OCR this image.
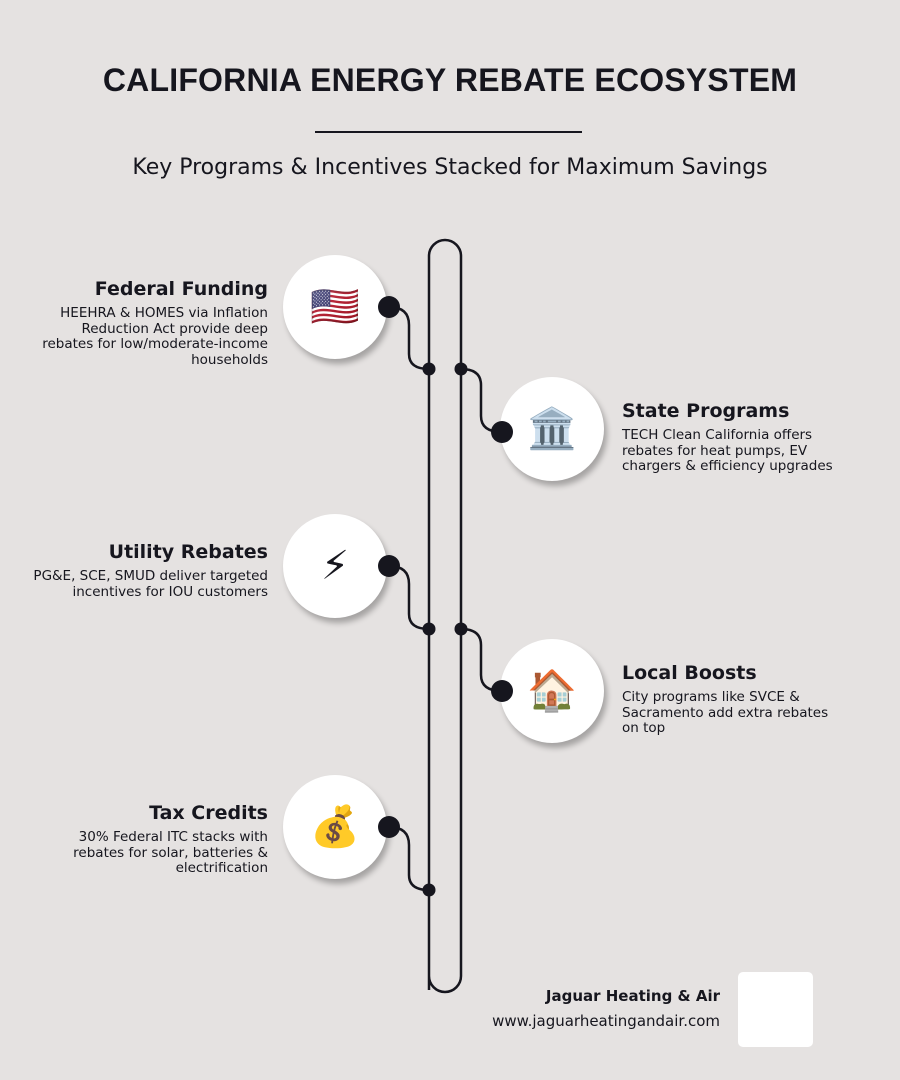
CALIFORNIA ENERGY REBATE ECOSYSTEM
Key Programs & Incentives Stacked for Maximum Savings
🇺🇸
Federal Funding

HEEHRA & HOMES via Inflation Reduction Act provide deep rebates for low/moderate-income households

🏛️ State Programs

TECH Clean California offers rebates for heat pumps, EV chargers & efficiency upgrades

⚡
Utility Rebates

PG&E, SCE, SMUD deliver targeted incentives for IOU customers

🏠 Local Boosts

City programs like SVCE & Sacramento add extra rebates on top

💰
Tax Credits

30% Federal ITC stacks with rebates for solar, batteries & electrification

Jaguar Heating & Air
www.jaguarheatingandair.com
